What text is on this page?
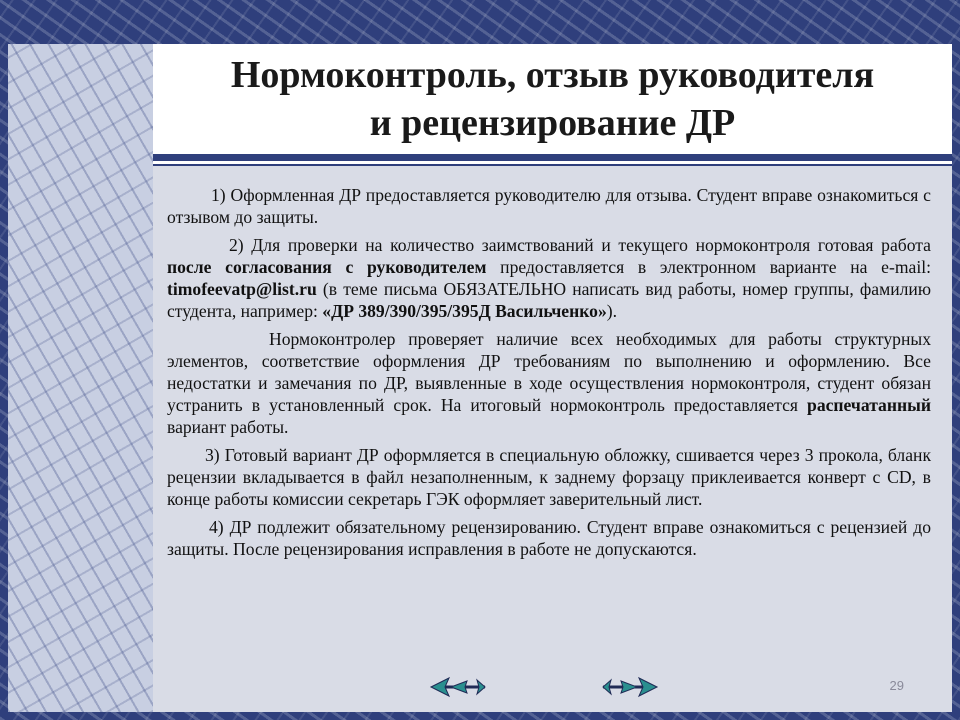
Нормоконтроль, отзыв руководителя
и рецензирование ДР

1) Оформленная ДР предоставляется руководителю для отзыва. Студент вправе ознакомиться с отзывом до защиты.

2) Для проверки на количество заимствований и текущего нормоконтроля готовая работа после согласования с руководителем предоставляется в электронном варианте на e-mail: timofeevatp@list.ru (в теме письма ОБЯЗАТЕЛЬНО написать вид работы, номер группы, фамилию студента, например: «ДР 389/390/395/395Д Васильченко»).

Нормоконтролер проверяет наличие всех необходимых для работы структурных элементов, соответствие оформления ДР требованиям по выполнению и оформлению. Все недостатки и замечания по ДР, выявленные в ходе осуществления нормоконтроля, студент обязан устранить в установленный срок. На итоговый нормоконтроль предоставляется распечатанный вариант работы.

3) Готовый вариант ДР оформляется в специальную обложку, сшивается через 3 прокола, бланк рецензии вкладывается в файл незаполненным, к заднему форзацу приклеивается конверт с CD, в конце работы комиссии секретарь ГЭК оформляет заверительный лист.

4) ДР подлежит обязательному рецензированию. Студент вправе ознакомиться с рецензией до защиты. После рецензирования исправления в работе не допускаются.

29
